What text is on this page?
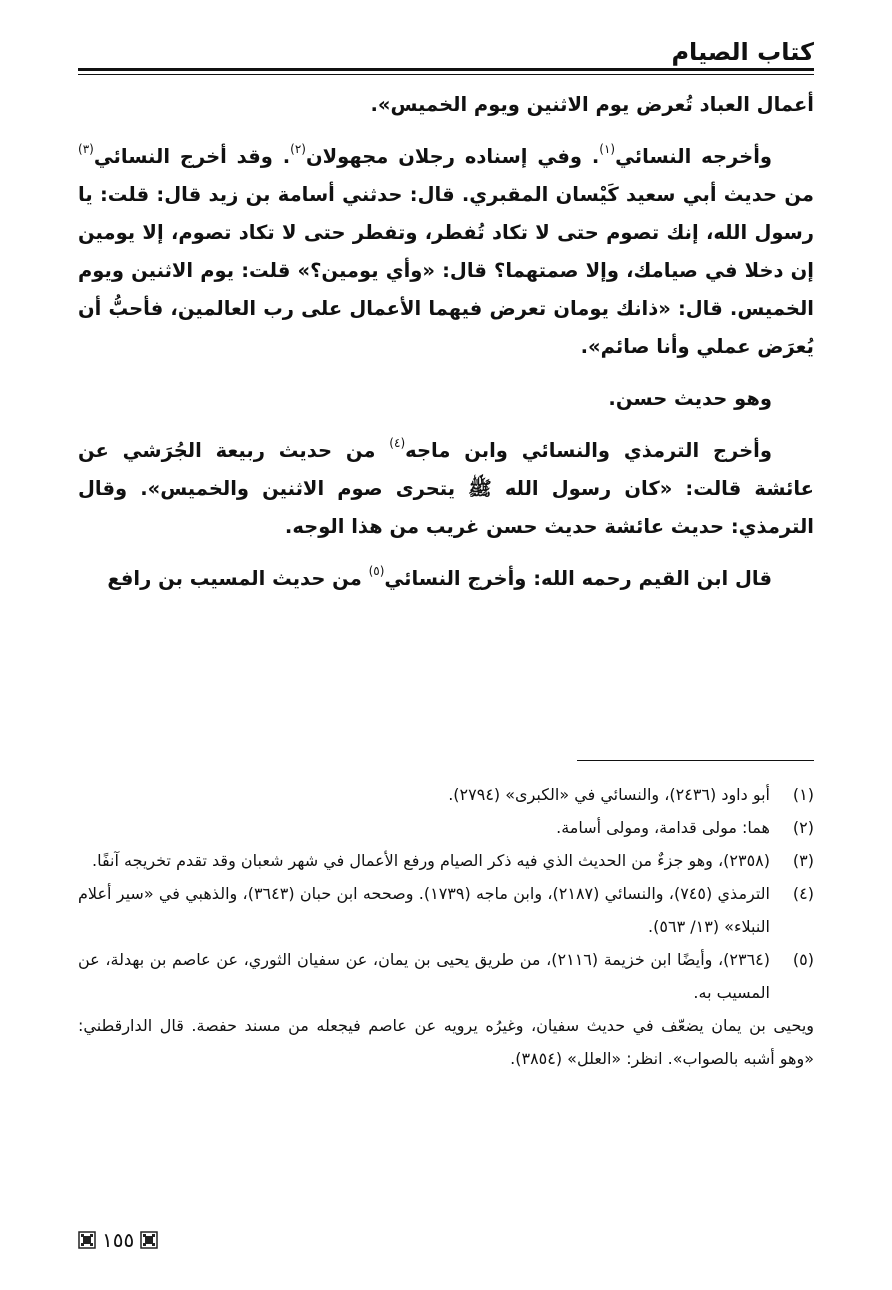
كتاب الصيام

أعمال العباد تُعرض يوم الاثنين ويوم الخميس».

وأخرجه النسائي$^{(١)}$. وفي إسناده رجلان مجهولان$^{(٢)}$. وقد أخرج النسائي$^{(٣)}$ من حديث أبي سعيد كَيْسان المقبري. قال: حدثني أسامة بن زيد قال: قلت: يا رسول الله، إنك تصوم حتى لا تكاد تُفطر، وتفطر حتى لا تكاد تصوم، إلا يومين إن دخلا في صيامك، وإلا صمتهما؟ قال: «وأي يومين؟» قلت: يوم الاثنين ويوم الخميس. قال: «ذانك يومان تعرض فيهما الأعمال على رب العالمين، فأحبُّ أن يُعرَض عملي وأنا صائم».

وهو حديث حسن.

وأخرج الترمذي والنسائي وابن ماجه$^{(٤)}$ من حديث ربيعة الجُرَشي عن عائشة قالت: «كان رسول الله ﷺ يتحرى صوم الاثنين والخميس». وقال الترمذي: حديث عائشة حديث حسن غريب من هذا الوجه.

قال ابن القيم رحمه الله: وأخرج النسائي$^{(٥)}$ من حديث المسيب بن رافع

(١)
أبو داود (٢٤٣٦)، والنسائي في «الكبرى» (٢٧٩٤).
(٢)
هما: مولى قدامة، ومولى أسامة.
(٣)
(٢٣٥٨)، وهو جزءٌ من الحديث الذي فيه ذكر الصيام ورفع الأعمال في شهر شعبان وقد تقدم تخريجه آنفًا.
(٤)
الترمذي (٧٤٥)، والنسائي (٢١٨٧)، وابن ماجه (١٧٣٩). وصححه ابن حبان (٣٦٤٣)، والذهبي في «سير أعلام النبلاء» (١٣/ ٥٦٣).
(٥)
(٢٣٦٤)، وأيضًا ابن خزيمة (٢١١٦)، من طريق يحيى بن يمان، عن سفيان الثوري، عن عاصم بن بهدلة، عن المسيب به.
ويحيى بن يمان يضعّف في حديث سفيان، وغيرُه يرويه عن عاصم فيجعله من مسند حفصة. قال الدارقطني: «وهو أشبه بالصواب». انظر: «العلل» (٣٨٥٤).
١٥٥
